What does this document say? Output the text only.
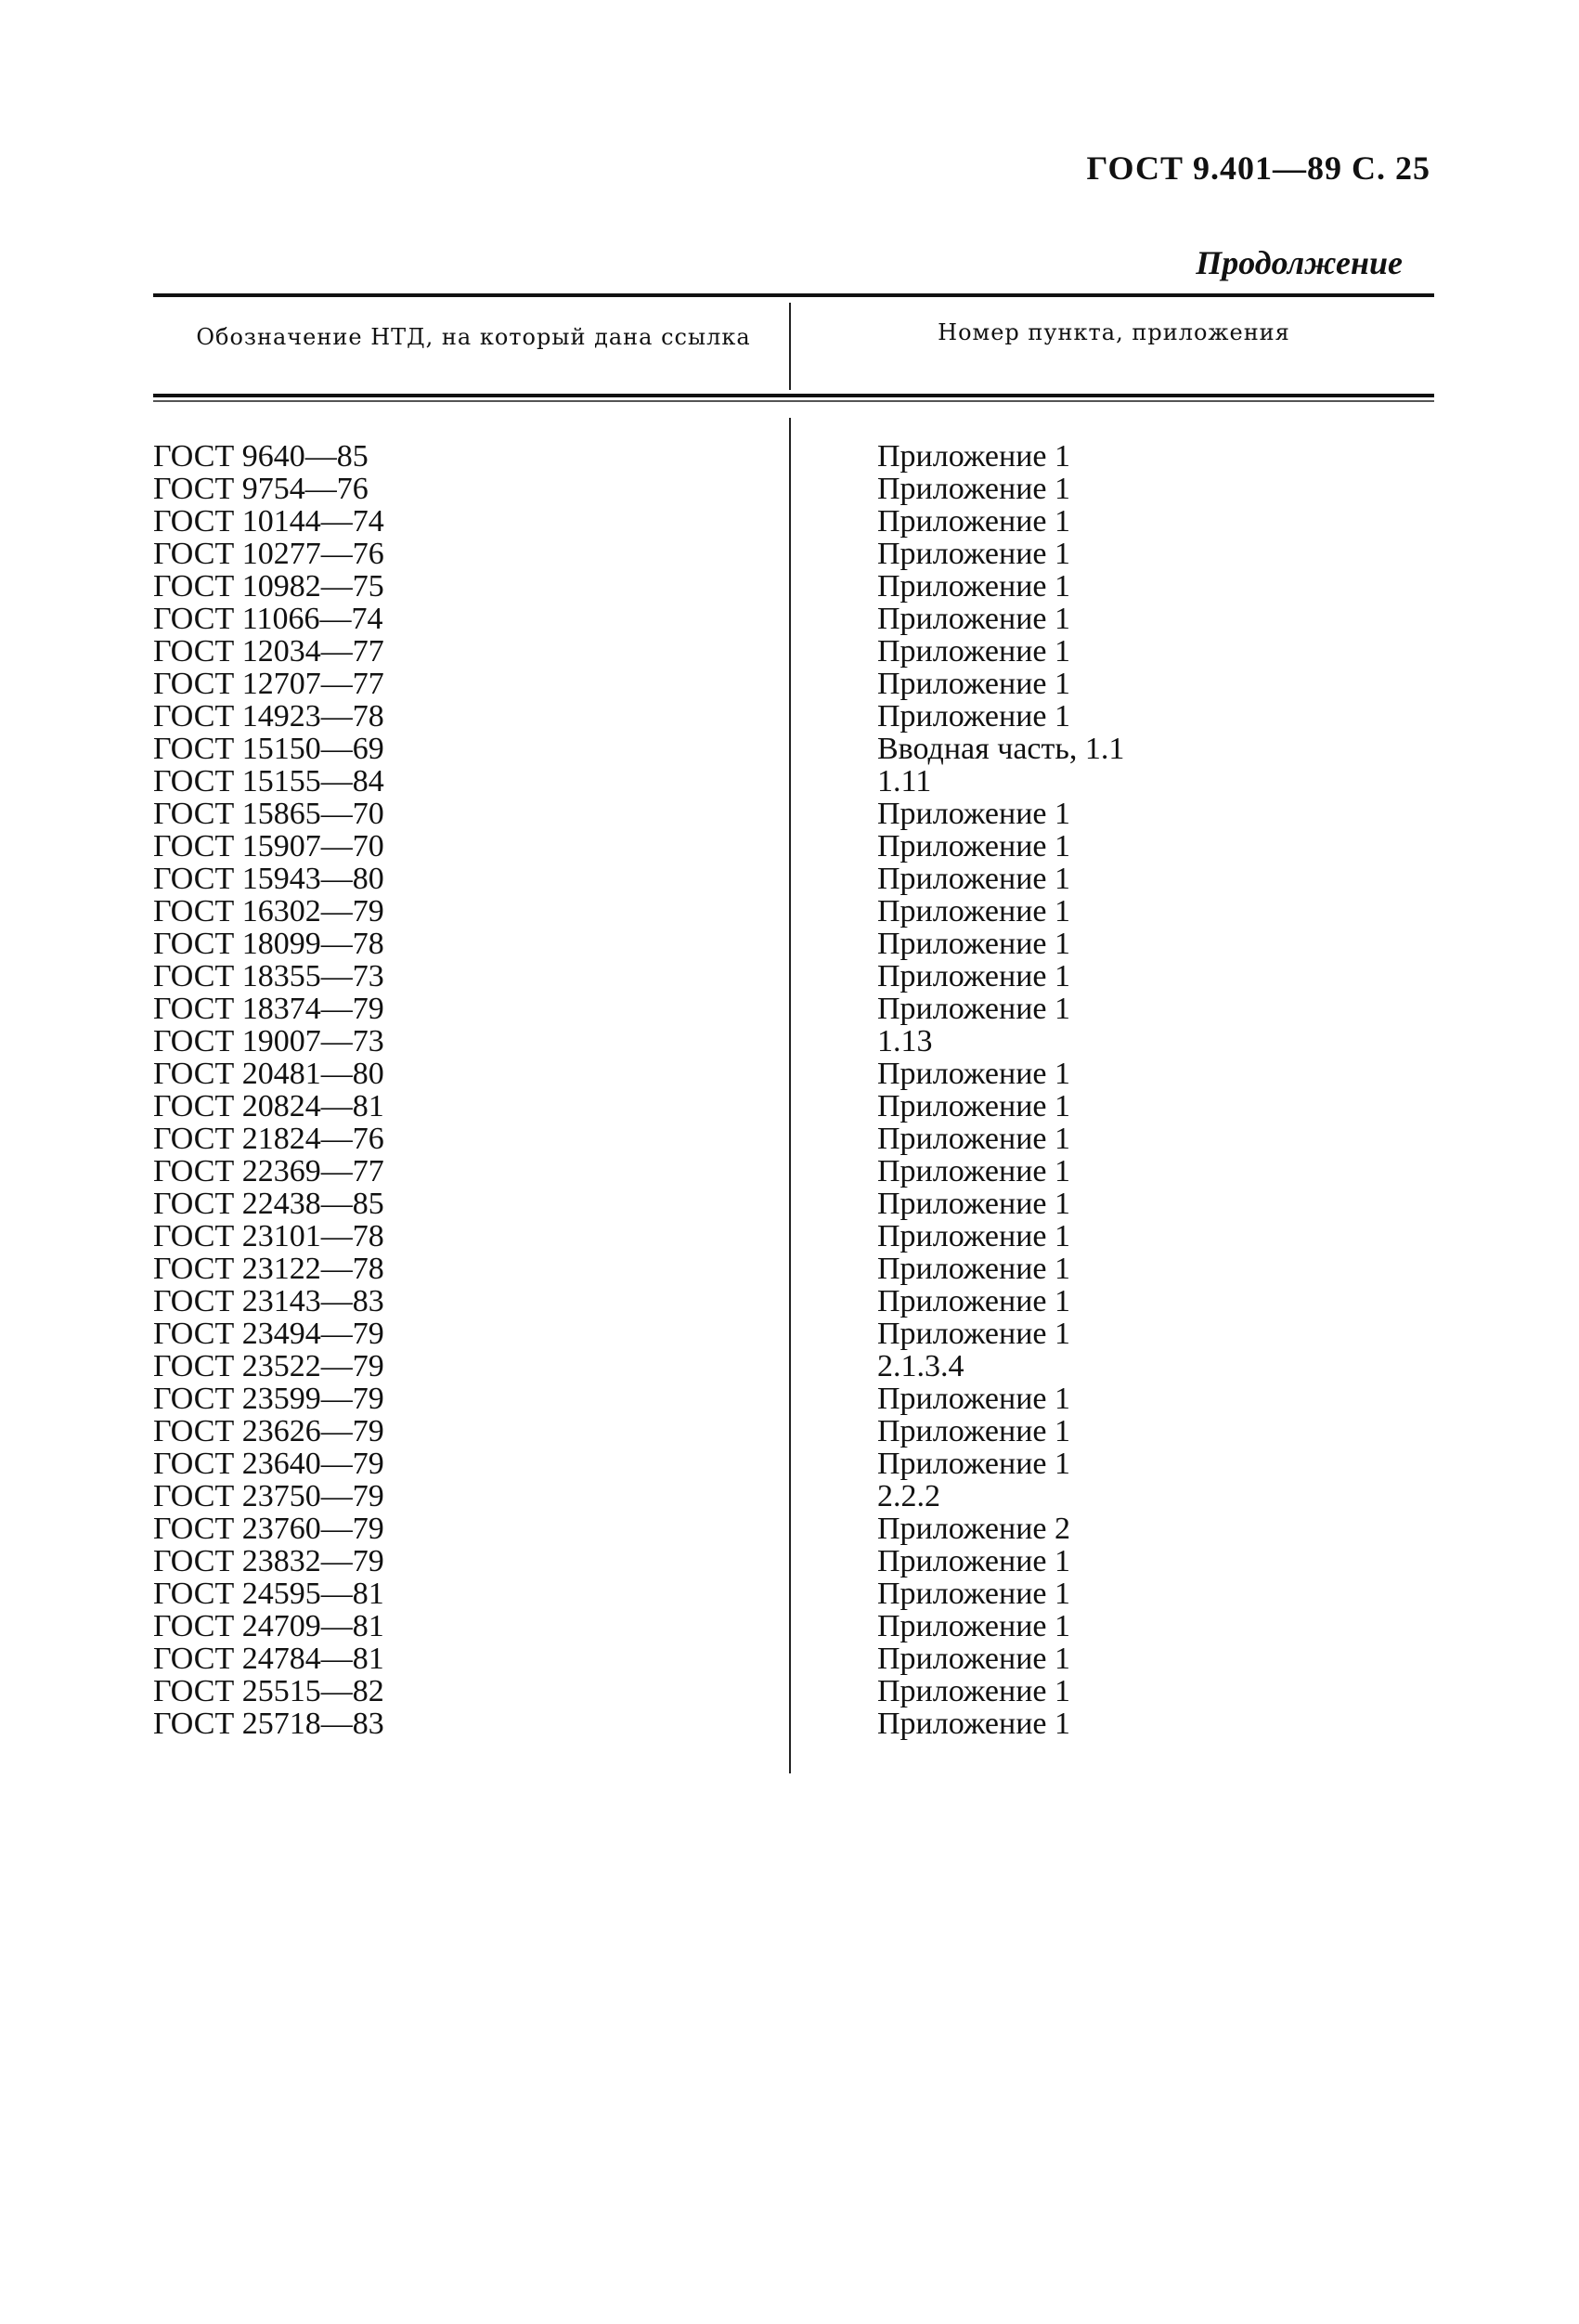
ГОСТ 9.401—89 С. 25
Продолжение
Обозначение НТД, на который дана ссылка	Номер пункта, приложения
ГОСТ 9640—85
ГОСТ 9754—76
ГОСТ 10144—74
ГОСТ 10277—76
ГОСТ 10982—75
ГОСТ 11066—74
ГОСТ 12034—77
ГОСТ 12707—77
ГОСТ 14923—78
ГОСТ 15150—69
ГОСТ 15155—84
ГОСТ 15865—70
ГОСТ 15907—70
ГОСТ 15943—80
ГОСТ 16302—79
ГОСТ 18099—78
ГОСТ 18355—73
ГОСТ 18374—79
ГОСТ 19007—73
ГОСТ 20481—80
ГОСТ 20824—81
ГОСТ 21824—76
ГОСТ 22369—77
ГОСТ 22438—85
ГОСТ 23101—78
ГОСТ 23122—78
ГОСТ 23143—83
ГОСТ 23494—79
ГОСТ 23522—79
ГОСТ 23599—79
ГОСТ 23626—79
ГОСТ 23640—79
ГОСТ 23750—79
ГОСТ 23760—79
ГОСТ 23832—79
ГОСТ 24595—81
ГОСТ 24709—81
ГОСТ 24784—81
ГОСТ 25515—82
ГОСТ 25718—83
Приложение 1
Приложение 1
Приложение 1
Приложение 1
Приложение 1
Приложение 1
Приложение 1
Приложение 1
Приложение 1
Вводная часть, 1.1
1.11
Приложение 1
Приложение 1
Приложение 1
Приложение 1
Приложение 1
Приложение 1
Приложение 1
1.13
Приложение 1
Приложение 1
Приложение 1
Приложение 1
Приложение 1
Приложение 1
Приложение 1
Приложение 1
Приложение 1
2.1.3.4
Приложение 1
Приложение 1
Приложение 1
2.2.2
Приложение 2
Приложение 1
Приложение 1
Приложение 1
Приложение 1
Приложение 1
Приложение 1
